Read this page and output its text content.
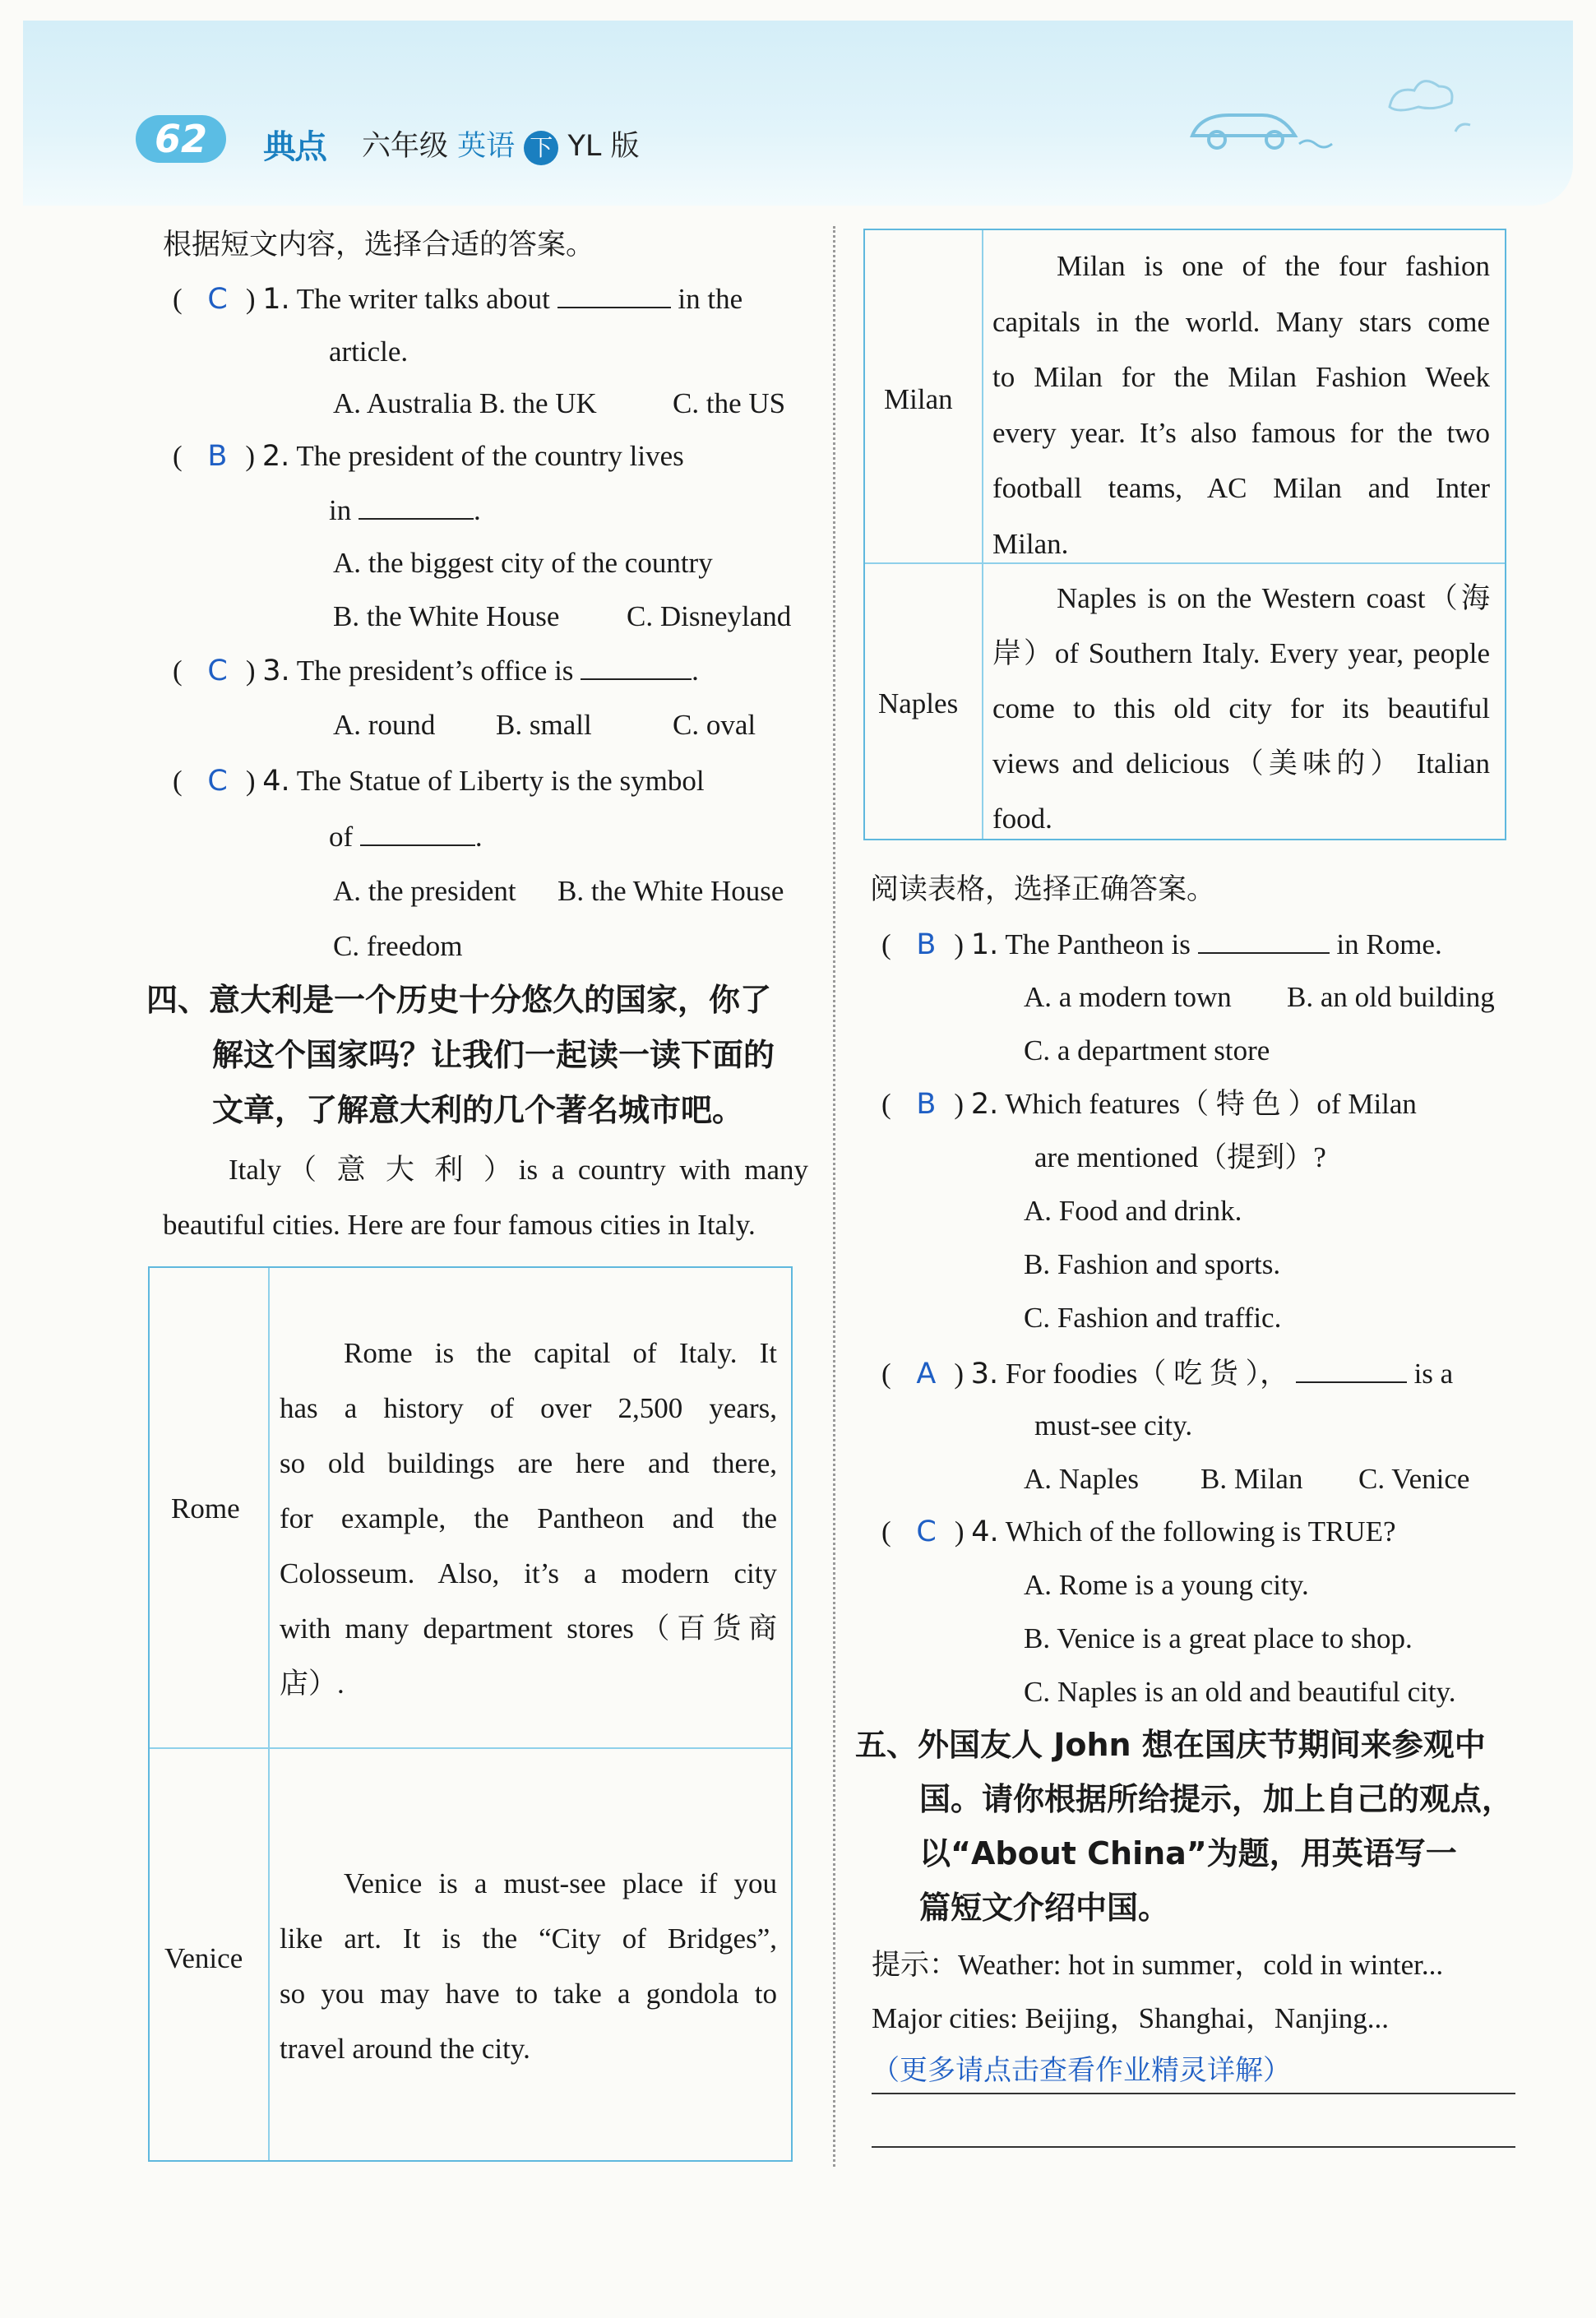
62	典点 六年级 英语 下 YL 版
根据短文内容，选择合适的答案。
( C ) 1. The writer talks about	in the
article.
A. Australia B. the UK	C. the US
( B ) 2. The president of the country lives
in	.
A. the biggest city of the country
B. the White House C. Disneyland
( C ) 3. The president’s office is	.
A. round B. small	C. oval
( C ) 4. The Statue of Liberty is the symbol
of	.
A. the president B. the White House
C. freedom
四、意大利是一个历史十分悠久的国家，你了
解这个国家吗？让我们一起读一读下面的
文章，了解意大利的几个著名城市吧。
Italy（ 意 大 利 ）is a country with many
beautiful cities. Here are four famous cities in Italy.
Rome
Rome is the capital of Italy. It
has a history of over 2,500 years,
so old buildings are here and there,
for example, the Pantheon and the
Colosseum. Also, it’s a modern city
with many department stores（百货商
店）.
Venice
Venice is a must-see place if you
like art. It is the “City of Bridges”,
so you may have to take a gondola to
travel around the city.
Milan
Milan is one of the four fashion
capitals in the world. Many stars come
to Milan for the Milan Fashion Week
every year. It’s also famous for the two
football teams, AC Milan and Inter
Milan.
Naples
Naples is on the Western coast（海
岸）of Southern Italy. Every year, people
come to this old city for its beautiful
views and delicious（美味的） Italian
food.
阅读表格，选择正确答案。
( B ) 1. The Pantheon is	in Rome.
A. a modern town B. an old building
C. a department store
( B ) 2. Which features（ 特 色 ）of Milan
are mentioned（提到）?
A. Food and drink.
B. Fashion and sports.
C. Fashion and traffic.
( A ) 3. For foodies（ 吃 货 ），	is a
must-see city.
A. Naples B. Milan C. Venice
( C ) 4. Which of the following is TRUE?
A. Rome is a young city.
B. Venice is a great place to shop.
C. Naples is an old and beautiful city.
五、外国友人 John 想在国庆节期间来参观中
国。请你根据所给提示，加上自己的观点，
以“About China”为题，用英语写一
篇短文介绍中国。
提示：Weather: hot in summer，cold in winter...
Major cities: Beijing，Shanghai，Nanjing...
（更多请点击查看作业精灵详解）
